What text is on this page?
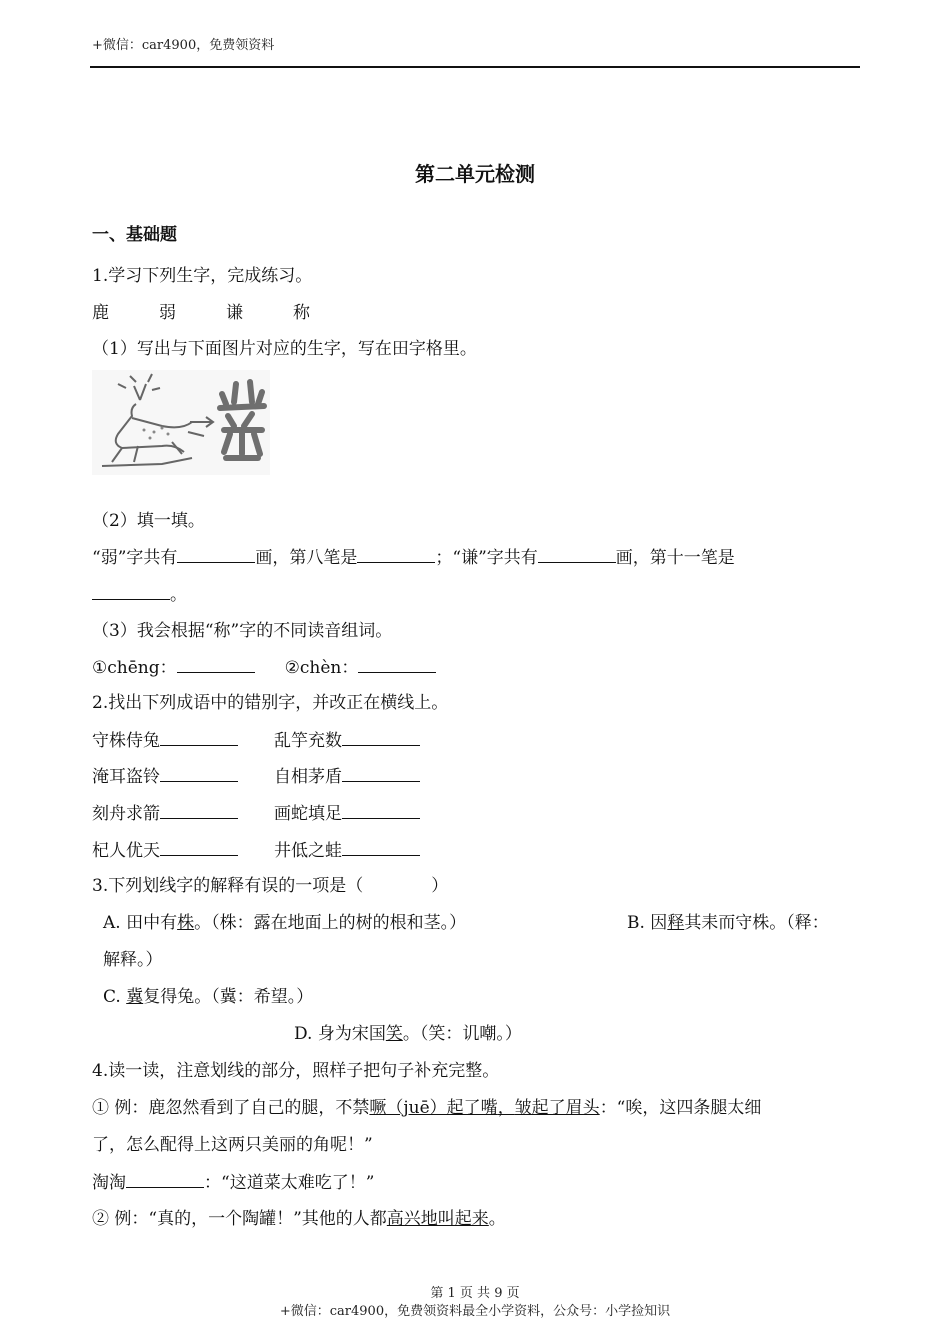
+微信：car4900，免费领资料
第二单元检测
一、基础题
1.学习下列生字，完成练习。
鹿	弱	谦	称
（1）写出与下面图片对应的生字，写在田字格里。
（2）填一填。
“弱”字共有	画，第八笔是	；“谦”字共有	画，第十一笔是
。
（3）我会根据“称”字的不同读音组词。
①chēng：	②chèn：
2.找出下列成语中的错别字，并改正在横线上。
守株侍兔	乱竽充数
淹耳盗铃	自相茅盾
刻舟求箭	画蛇填足
杞人优天	井低之蛙
3.下列划线字的解释有误的一项是（　　　　）
A. 田中有株。（株：露在地面上的树的根和茎。）	B. 因释其耒而守株。（释：
解释。）
C. 冀复得兔。（冀：希望。）
D. 身为宋国笑。（笑：讥嘲。）
4.读一读，注意划线的部分，照样子把句子补充完整。
① 例：鹿忽然看到了自己的腿，不禁噘（juē）起了嘴，皱起了眉头：“唉，这四条腿太细
了，怎么配得上这两只美丽的角呢！”
淘淘	：“这道菜太难吃了！”
② 例：“真的，一个陶罐！”其他的人都高兴地叫起来。
第 1 页 共 9 页
+微信：car4900，免费领资料最全小学资料，公众号：小学捡知识
